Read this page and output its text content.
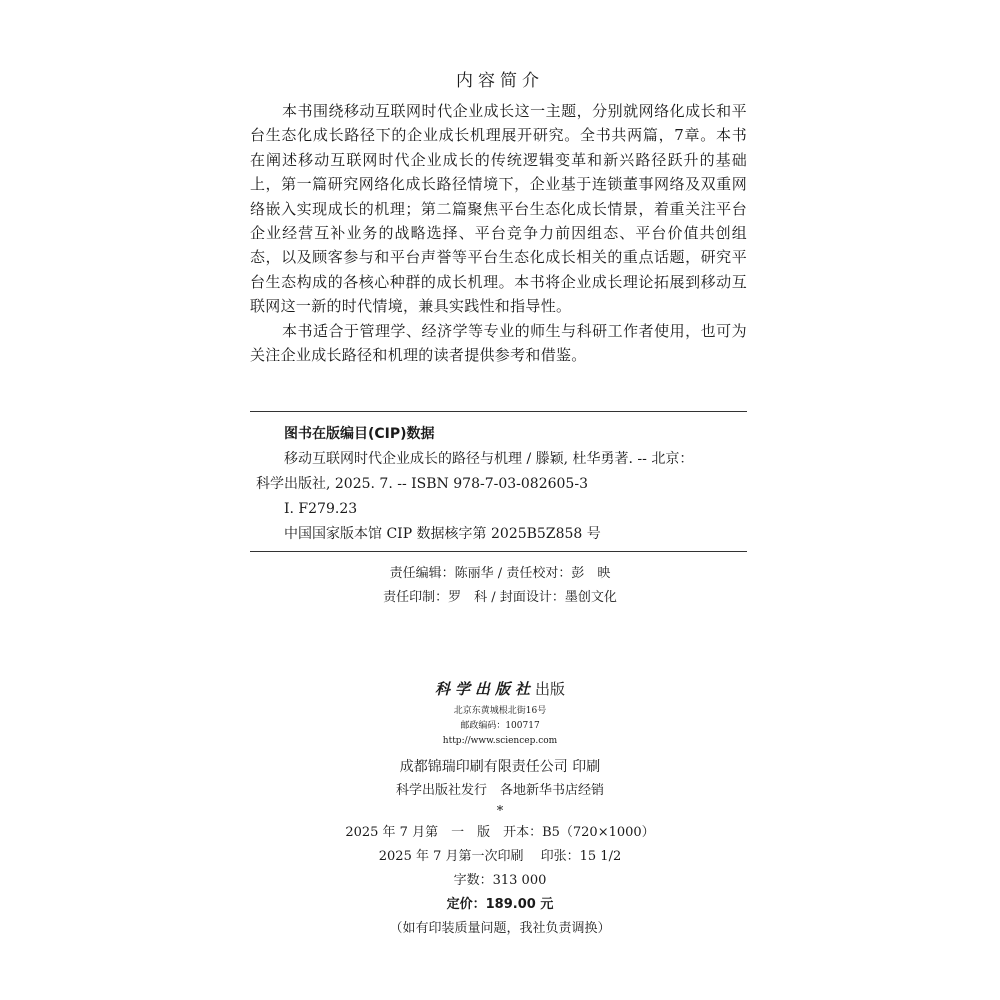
内容简介

本书围绕移动互联网时代企业成长这一主题，分别就网络化成长和平台生态化成长路径下的企业成长机理展开研究。全书共两篇，7章。本书在阐述移动互联网时代企业成长的传统逻辑变革和新兴路径跃升的基础上，第一篇研究网络化成长路径情境下，企业基于连锁董事网络及双重网络嵌入实现成长的机理；第二篇聚焦平台生态化成长情景，着重关注平台企业经营互补业务的战略选择、平台竞争力前因组态、平台价值共创组态，以及顾客参与和平台声誉等平台生态化成长相关的重点话题，研究平台生态构成的各核心种群的成长机理。本书将企业成长理论拓展到移动互联网这一新的时代情境，兼具实践性和指导性。

本书适合于管理学、经济学等专业的师生与科研工作者使用，也可为关注企业成长路径和机理的读者提供参考和借鉴。

图书在版编目(CIP)数据
移动互联网时代企业成长的路径与机理 / 滕颖, 杜华勇著. -- 北京：
科学出版社, 2025. 7. -- ISBN 978-7-03-082605-3
Ⅰ. F279.23
中国国家版本馆 CIP 数据核字第 2025B5Z858 号
责任编辑：陈丽华 / 责任校对：彭　映
责任印制：罗　科 / 封面设计：墨创文化
科学出版社出版
北京东黄城根北街16号
邮政编码：100717
http://www.sciencep.com
成都锦瑞印刷有限责任公司 印刷
科学出版社发行　各地新华书店经销
*
2025 年 7 月第　一　版　开本：B5（720×1000）
2025 年 7 月第一次印刷　 印张：15 1/2
字数：313 000
定价：189.00 元
（如有印装质量问题，我社负责调换）
